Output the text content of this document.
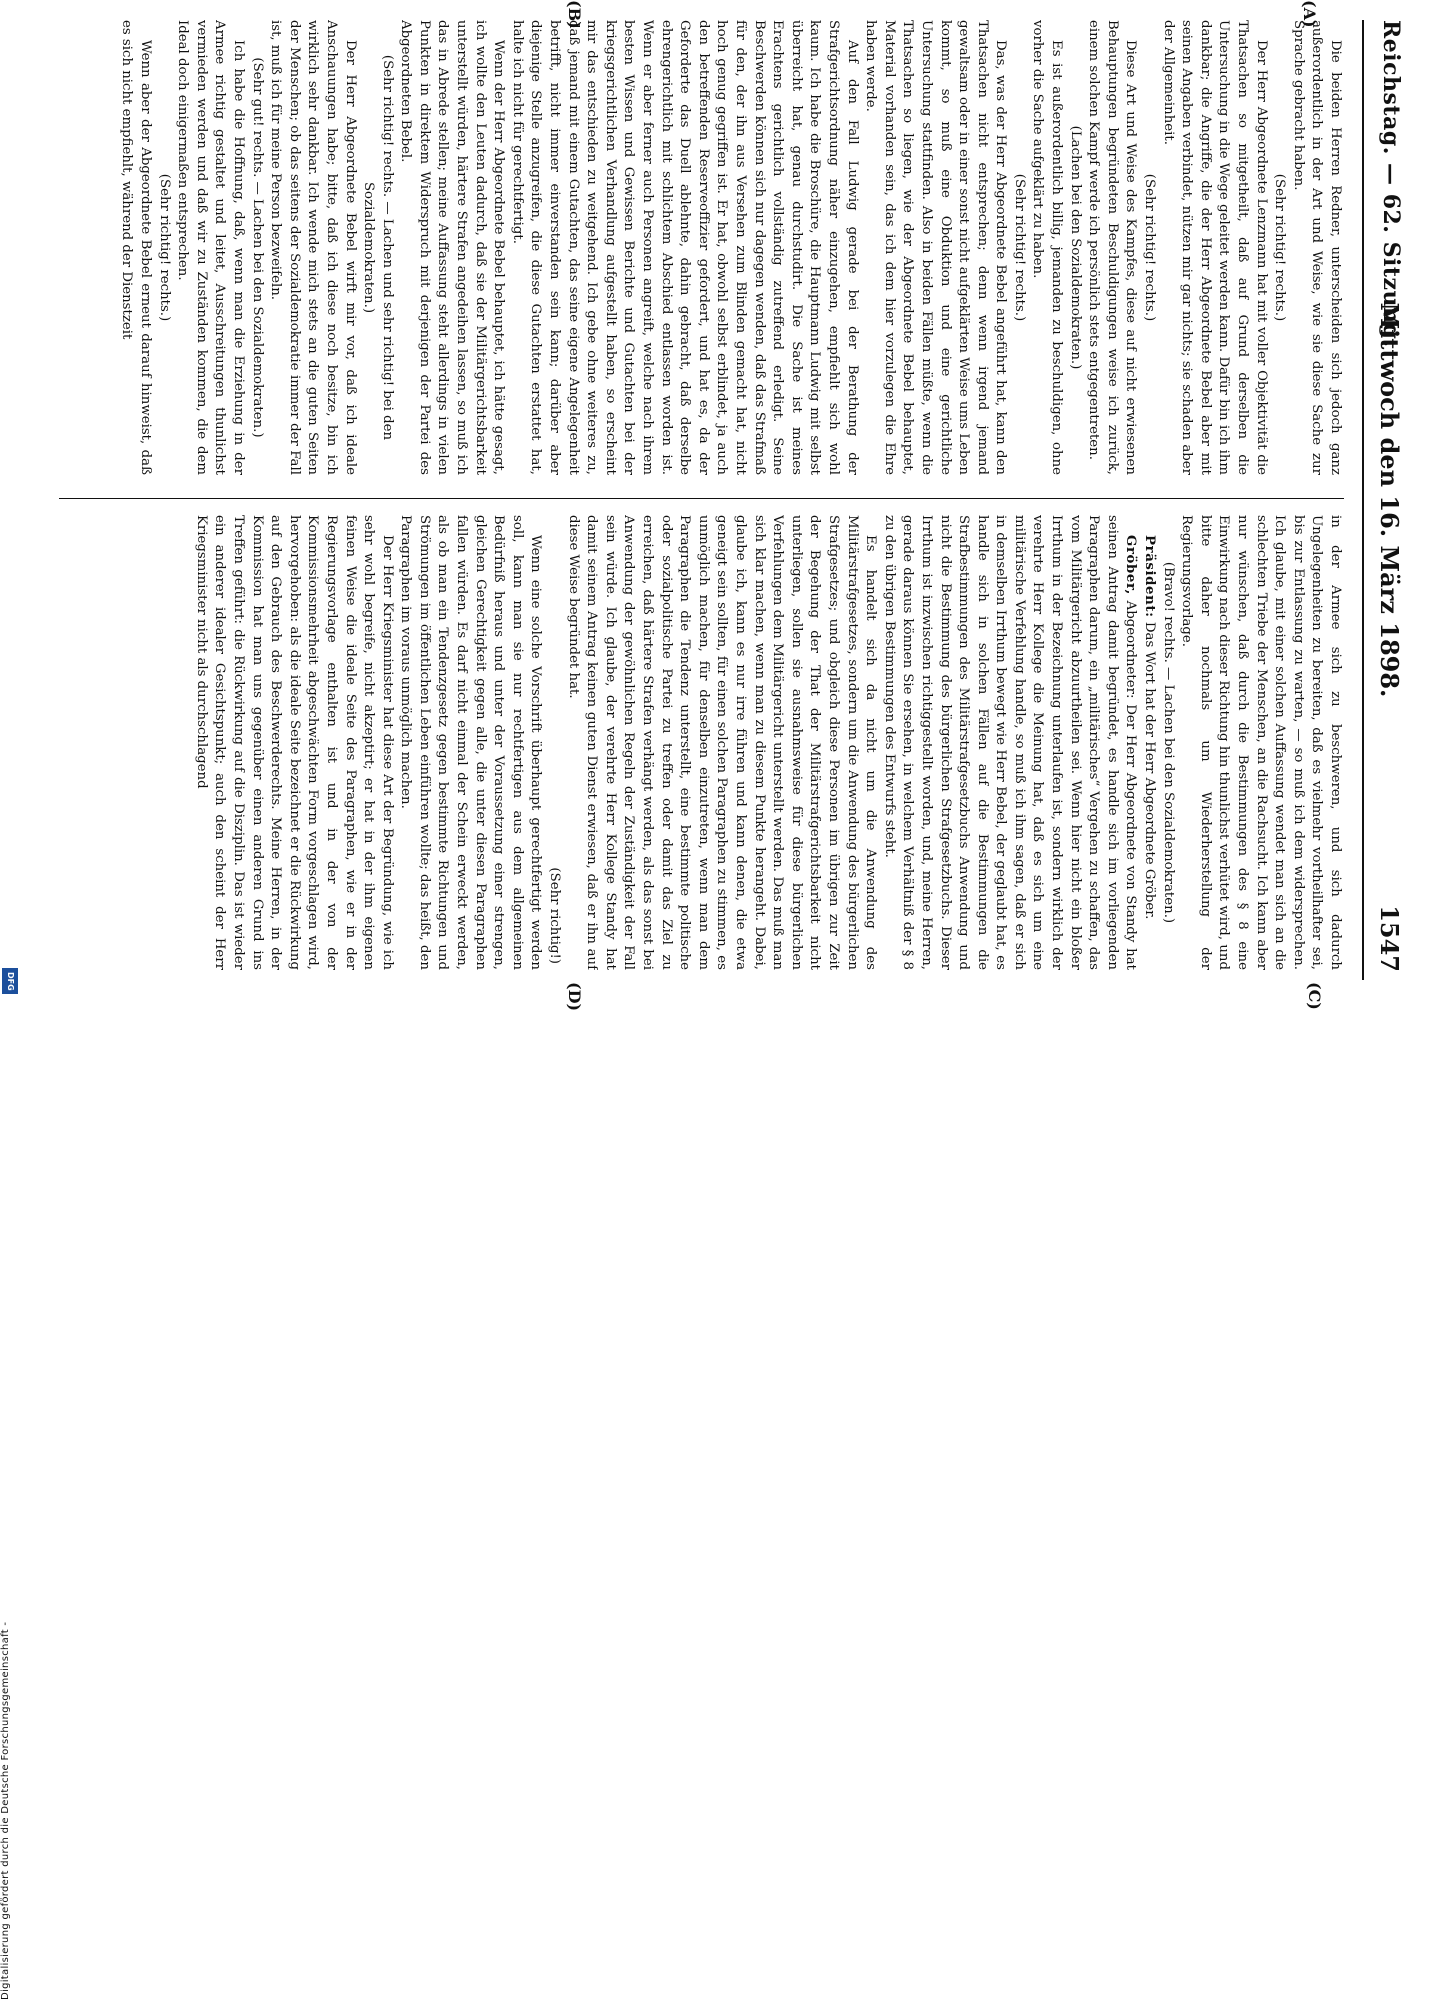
Reichstag. — 62. Sitzung.
Mittwoch den 16. März 1898.
1547
(A)
(B)
(C)
(D)

Die beiden Herren Redner, unterscheiden sich jedoch ganz außerordentlich in der Art und Weise, wie sie diese Sache zur Sprache gebracht haben.

(Sehr richtig! rechts.)

Der Herr Abgeordnete Lenzmann hat mit voller Objektivität die Thatsachen so mitgetheilt, daß auf Grund derselben die Untersuchung in die Wege geleitet werden kann. Dafür bin ich ihm dankbar; die Angriffe, die der Herr Abgeordnete Bebel aber mit seinen Angaben verbindet, nützen mir gar nichts; sie schaden aber der Allgemeinheit.

(Sehr richtig! rechts.)

Diese Art und Weise des Kampfes, diese auf nicht erwiesenen Behauptungen begründeten Beschuldigungen weise ich zurück, einem solchen Kampf werde ich persönlich stets entgegentreten.

(Lachen bei den Sozialdemokraten.)

Es ist außerordentlich billig, jemanden zu beschuldigen, ohne vorher die Sache aufgeklärt zu haben.

(Sehr richtig! rechts.)

Das, was der Herr Abgeordnete Bebel angeführt hat, kann den Thatsachen nicht entsprechen; denn wenn irgend jemand gewaltsam oder in einer sonst nicht aufgeklärten Weise ums Leben kommt, so muß eine Obduktion und eine gerichtliche Untersuchung stattfinden. Also in beiden Fällen müßte, wenn die Thatsachen so liegen, wie der Abgeordnete Bebel behauptet, Material vorhanden sein, das ich dem hier vorzulegen die Ehre haben werde.

Auf den Fall Ludwig gerade bei der Berathung der Strafgerichtsordnung näher einzugehen, empfiehlt sich wohl kaum. Ich habe die Broschüre, die Hauptmann Ludwig mit selbst überreicht hat, genau durchstudirt. Die Sache ist meines Erachtens gerichtlich vollständig zutreffend erledigt. Seine Beschwerden können sich nur dagegen wenden, daß das Strafmaß für den, der ihn aus Versehen zum Blinden gemacht hat, nicht hoch genug gegriffen ist. Er hat, obwohl selbst erblindet, ja auch den betreffenden Reserveoffizier gefordert, und hat es, da der Geforderte das Duell ablehnte, dahin gebracht, daß derselbe ehrengerichtlich mit schlichtem Abschied entlassen worden ist. Wenn er aber ferner auch Personen angreift, welche nach ihrem besten Wissen und Gewissen Berichte und Gutachten bei der kriegsgerichtlichen Verhandlung aufgestellt haben, so erscheint mir das entschieden zu weitgehend. Ich gebe ohne weiteres zu, daß jemand mit einem Gutachten, das seine eigene Angelegenheit betrifft, nicht immer einverstanden sein kann; darüber aber diejenige Stelle anzugreifen, die diese Gutachten erstattet hat, halte ich nicht für gerechtfertigt.

Wenn der Herr Abgeordnete Bebel behauptet, ich hätte gesagt, ich wollte den Leuten dadurch, daß sie der Militärgerichtsbarkeit unterstellt würden, härtere Strafen angedeihen lassen, so muß ich das in Abrede stellen; meine Auffassung steht allerdings in vielen Punkten in direktem Widerspruch mit derjenigen der Partei des Abgeordneten Bebel.

(Sehr richtig! rechts. — Lachen und sehr richtig! bei den Sozialdemokraten.)

Der Herr Abgeordnete Bebel wirft mir vor, daß ich ideale Anschauungen habe; bitte, daß ich diese noch besitze, bin ich wirklich sehr dankbar. Ich wende mich stets an die guten Seiten der Menschen; ob das seitens der Sozialdemokratie immer der Fall ist, muß ich für meine Person bezweifeln.

(Sehr gut! rechts. — Lachen bei den Sozialdemokraten.)

Ich habe die Hoffnung, daß, wenn man die Erziehung in der Armee richtig gestaltet und leitet, Ausschreitungen thunlichst vermieden werden und daß wir zu Zuständen kommen, die dem Ideal doch einigermaßen entsprechen.

(Sehr richtig! rechts.)

Wenn aber der Abgeordnete Bebel erneut darauf hinweist, daß es sich nicht empfiehlt, während der Dienstzeit

in der Armee sich zu beschweren, und sich dadurch Ungelegenheiten zu bereiten, daß es vielmehr vortheilhafter sei, bis zur Entlassung zu warten, — so muß ich dem widersprechen. Ich glaube, mit einer solchen Auffassung wendet man sich an die schlechten Triebe der Menschen, an die Rachsucht. Ich kann aber nur wünschen, daß durch die Bestimmungen des § 8 eine Einwirkung nach dieser Richtung hin thunlichst verhütet wird, und bitte daher nochmals um Wiederherstellung der Regierungsvorlage.

(Bravo! rechts. — Lachen bei den Sozialdemokraten.)

Präsident: Das Wort hat der Herr Abgeordnete Gröber.

Gröber, Abgeordneter: Der Herr Abgeordnete von Standy hat seinen Antrag damit begründet, es handle sich im vorliegenden Paragraphen darum, ein „militärisches“ Vergehen zu schaffen, das vom Militärgericht abzuurtheilen sei. Wenn hier nicht ein bloßer Irrthum in der Bezeichnung unterlaufen ist, sondern wirklich der verehrte Herr Kollege die Meinung hat, daß es sich um eine militärische Verfehlung handle, so muß ich ihm sagen, daß er sich in demselben Irrthum bewegt wie Herr Bebel, der geglaubt hat, es handle sich in solchen Fällen auf die Bestimmungen die Strafbestimmungen des Militärstrafgesetzbuchs Anwendung und nicht die Bestimmung des bürgerlichen Strafgesetzbuchs. Dieser Irrthum ist inzwischen richtiggestellt worden, und, meine Herren, gerade daraus können Sie ersehen, in welchem Verhältniß der § 8 zu den übrigen Bestimmungen des Entwurfs steht.

Es handelt sich da nicht um die Anwendung des Militärstrafgesetzes, sondern um die Anwendung des bürgerlichen Strafgesetzes; und obgleich diese Personen im übrigen zur Zeit der Begehung der That der Militärstrafgerichtsbarkeit nicht unterliegen, sollen sie ausnahmsweise für diese bürgerlichen Verfehlungen dem Militärgericht unterstellt werden. Das muß man sich klar machen, wenn man zu diesem Punkte herangeht. Dabei, glaube ich, kann es nur irre führen und kann denen, die etwa geneigt sein sollten, für einen solchen Paragraphen zu stimmen, es unmöglich machen, für denselben einzutreten, wenn man dem Paragraphen die Tendenz unterstellt, eine bestimmte politische oder sozialpolitische Partei zu treffen oder damit das Ziel zu erreichen, daß härtere Strafen verhängt werden, als das sonst bei Anwendung der gewöhnlichen Regeln der Zuständigkeit der Fall sein würde. Ich glaube, der verehrte Herr Kollege Standy hat damit seinem Antrag keinen guten Dienst erwiesen, daß er ihn auf diese Weise begründet hat.

(Sehr richtig!)

Wenn eine solche Vorschrift überhaupt gerechtfertigt werden soll, kann man sie nur rechtfertigen aus dem allgemeinen Bedürfniß heraus und unter der Voraussetzung einer strengen, gleichen Gerechtigkeit gegen alle, die unter diesen Paragraphen fallen würden. Es darf nicht einmal der Schein erweckt werden, als ob man ein Tendenzgesetz gegen bestimmte Richtungen und Strömungen im öffentlichen Leben einführen wollte; das heißt, den Paragraphen im voraus unmöglich machen.

Der Herr Kriegsminister hat diese Art der Begründung, wie ich sehr wohl begreife, nicht akzeptirt; er hat in der ihm eigenen feinen Weise die ideale Seite des Paragraphen, wie er in der Regierungsvorlage enthalten ist und in der von der Kommissionsmehrheit abgeschwächten Form vorgeschlagen wird, hervorgehoben: als die ideale Seite bezeichnet er die Rückwirkung auf den Gebrauch des Beschwerderechts. Meine Herren, in der Kommission hat man uns gegenüber einen anderen Grund ins Treffen geführt: die Rückwirkung auf die Disziplin. Das ist wieder ein anderer idealer Gesichtspunkt; auch den scheint der Herr Kriegsminister nicht als durchschlagend

Digitalisierung gefördert durch die Deutsche Forschungsgemeinschaft -
DFG
